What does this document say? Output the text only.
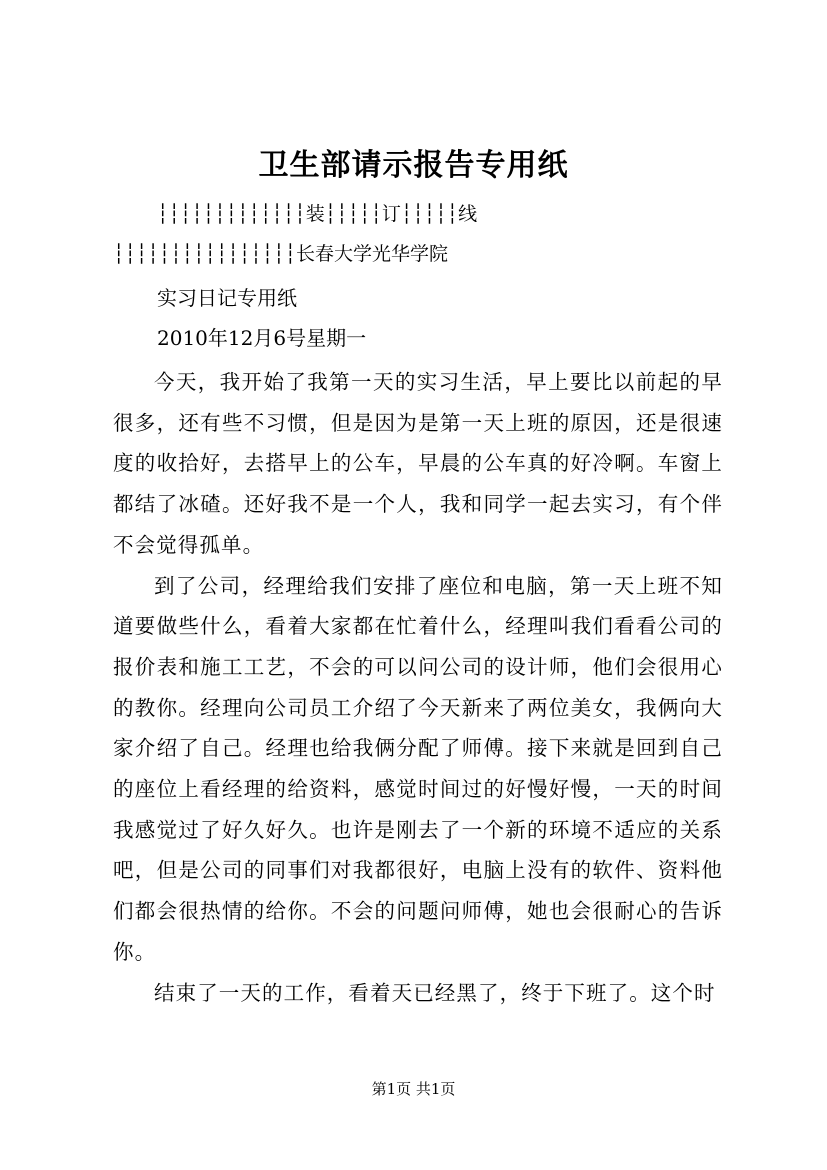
卫生部请示报告专用纸
┆┆┆┆┆┆┆┆┆┆┆┆┆装┆┆┆┆┆订┆┆┆┆┆线
┆┆┆┆┆┆┆┆┆┆┆┆┆┆┆┆长春大学光华学院
实习日记专用纸
2010年12月6号星期一

今天，我开始了我第一天的实习生活，早上要比以前起的早很多，还有些不习惯，但是因为是第一天上班的原因，还是很速度的收拾好，去搭早上的公车，早晨的公车真的好冷啊。车窗上都结了冰碴。还好我不是一个人，我和同学一起去实习，有个伴不会觉得孤单。

到了公司，经理给我们安排了座位和电脑，第一天上班不知道要做些什么，看着大家都在忙着什么，经理叫我们看看公司的报价表和施工工艺，不会的可以问公司的设计师，他们会很用心的教你。经理向公司员工介绍了今天新来了两位美女，我俩向大家介绍了自己。经理也给我俩分配了师傅。接下来就是回到自己的座位上看经理的给资料，感觉时间过的好慢好慢，一天的时间我感觉过了好久好久。也许是刚去了一个新的环境不适应的关系吧，但是公司的同事们对我都很好，电脑上没有的软件、资料他们都会很热情的给你。不会的问题问师傅，她也会很耐心的告诉你。

结束了一天的工作，看着天已经黑了，终于下班了。这个时

第1页 共1页
